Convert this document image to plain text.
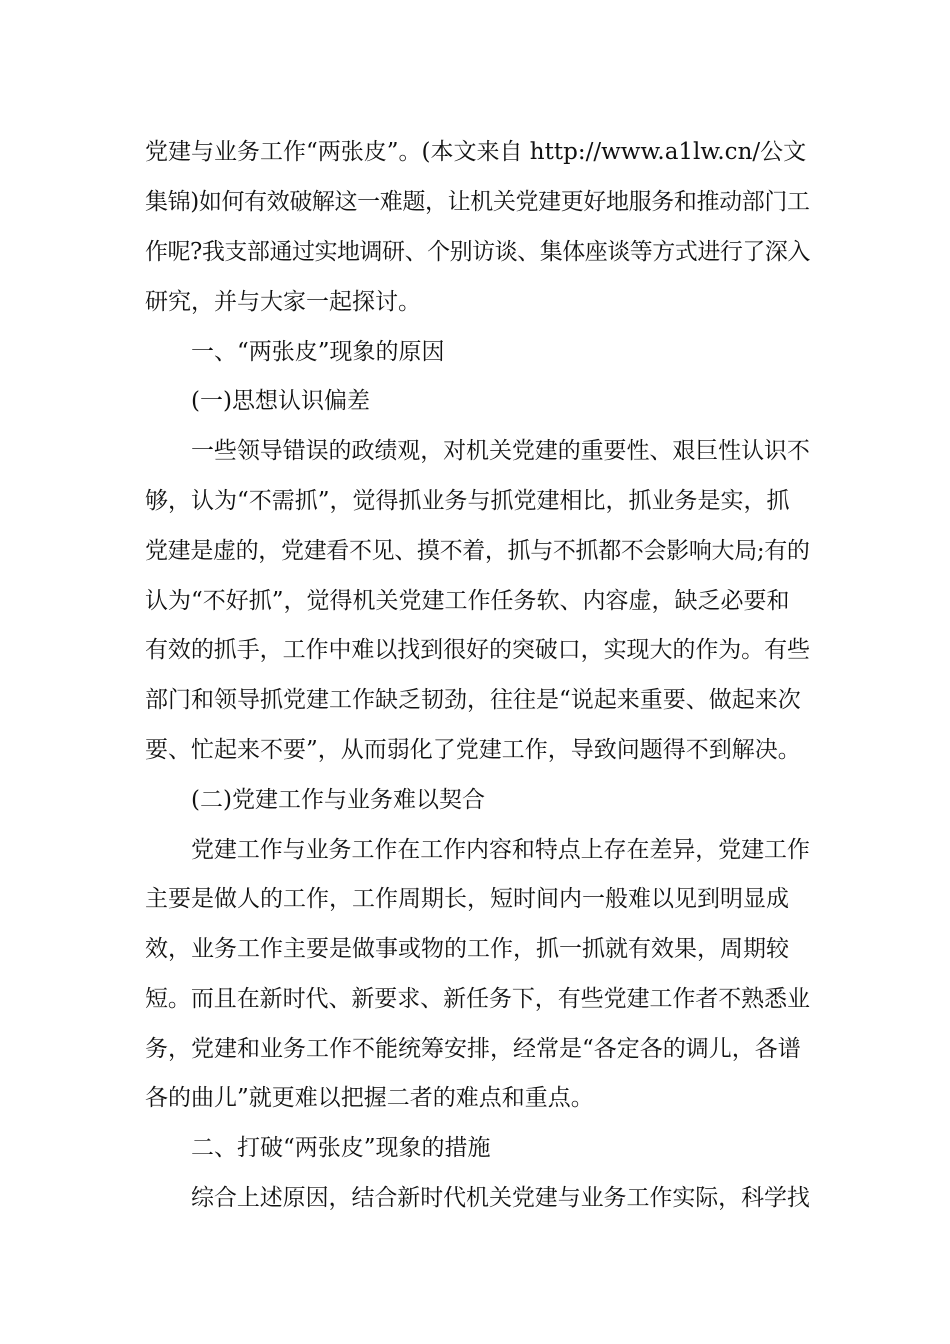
党建与业务工作“两张皮”。(本文来自 http://www.a1lw.cn/公文
集锦)如何有效破解这一难题，让机关党建更好地服务和推动部门工
作呢?我支部通过实地调研、个别访谈、集体座谈等方式进行了深入
研究，并与大家一起探讨。
一、“两张皮”现象的原因
(一)思想认识偏差
一些领导错误的政绩观，对机关党建的重要性、艰巨性认识不
够，认为“不需抓”，觉得抓业务与抓党建相比，抓业务是实，抓
党建是虚的，党建看不见、摸不着，抓与不抓都不会影响大局;有的
认为“不好抓”，觉得机关党建工作任务软、内容虚，缺乏必要和
有效的抓手，工作中难以找到很好的突破口，实现大的作为。有些
部门和领导抓党建工作缺乏韧劲，往往是“说起来重要、做起来次
要、忙起来不要”，从而弱化了党建工作，导致问题得不到解决。
(二)党建工作与业务难以契合
党建工作与业务工作在工作内容和特点上存在差异，党建工作
主要是做人的工作，工作周期长，短时间内一般难以见到明显成
效，业务工作主要是做事或物的工作，抓一抓就有效果，周期较
短。而且在新时代、新要求、新任务下，有些党建工作者不熟悉业
务，党建和业务工作不能统筹安排，经常是“各定各的调儿，各谱
各的曲儿”就更难以把握二者的难点和重点。
二、打破“两张皮”现象的措施
综合上述原因，结合新时代机关党建与业务工作实际，科学找
